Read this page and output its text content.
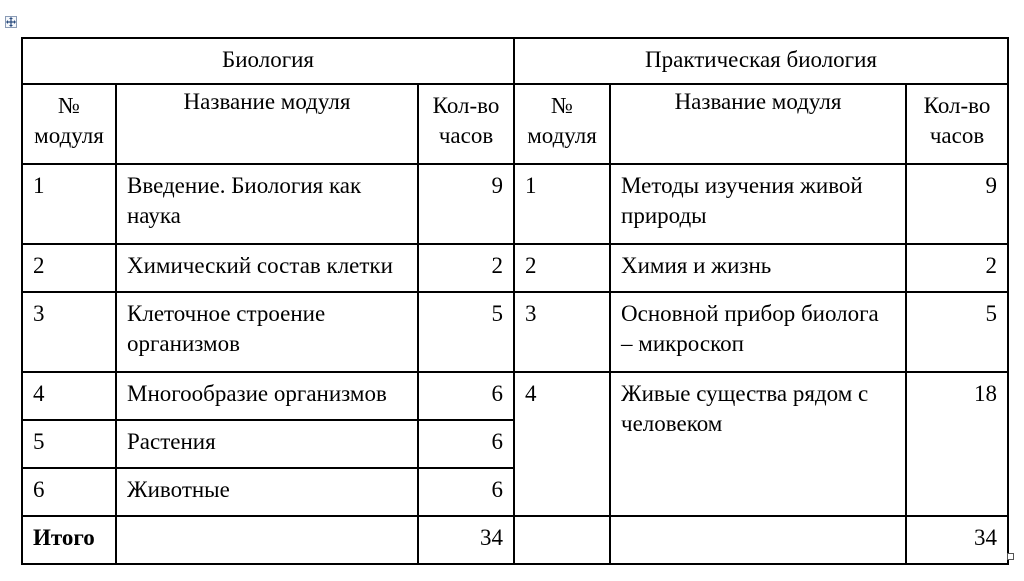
Биология			Практическая биология		
№ модуля	Название модуля	Кол-во часов	№ модуля	Название модуля	Кол-во часов
1	Введение. Биология как наука	9	1	Методы изучения живой природы	9
2	Химический состав клетки	2	2	Химия и жизнь	2
3	Клеточное строение организмов	5	3	Основной прибор биолога – микроскоп	5
4	Многообразие организмов	6	4	Живые существа рядом с человеком	18
5	Растения	6			
6	Животные	6			
Итого		34			34
